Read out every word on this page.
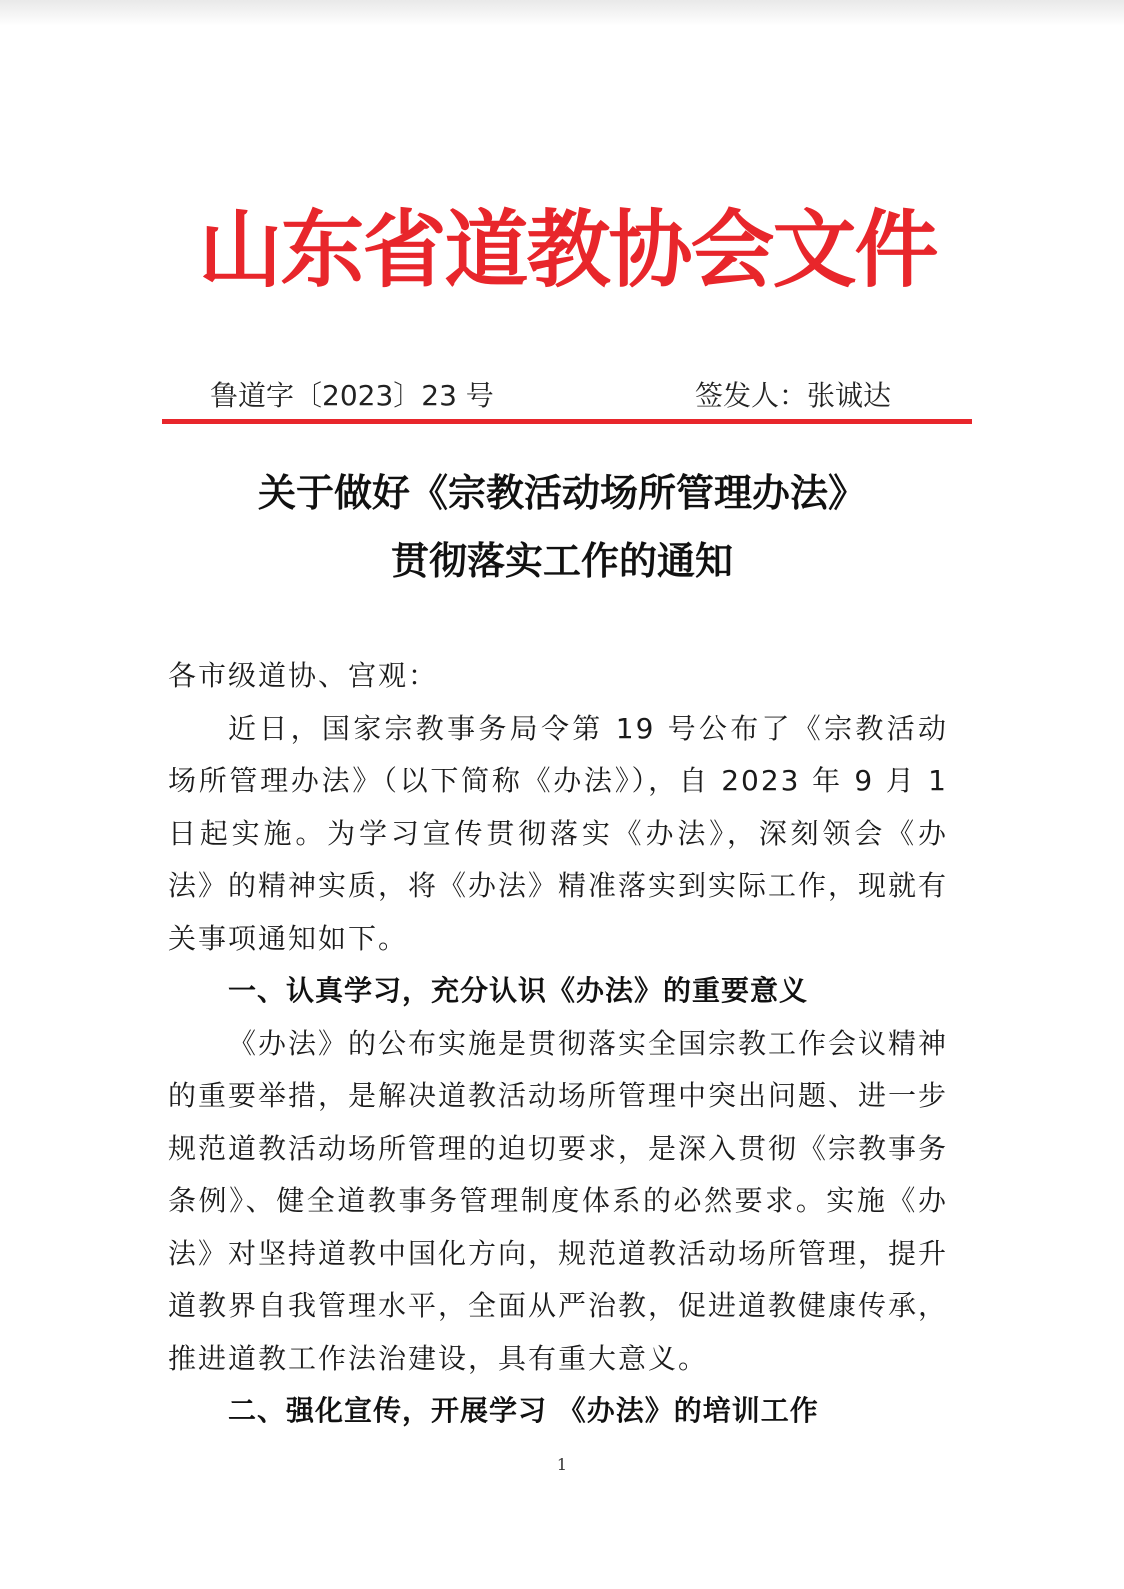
山东省道教协会文件
鲁道字〔2023〕23 号	签发人：张诚达
关于做好《宗教活动场所管理办法》
贯彻落实工作的通知

各市级道协、宫观：

近日，国家宗教事务局令第 19 号公布了《宗教活动场所管理办法》（以下简称《办法》），自 2023 年 9 月 1 日起实施。为学习宣传贯彻落实《办法》，深刻领会《办法》的精神实质，将《办法》精准落实到实际工作，现就有关事项通知如下。

一、认真学习，充分认识《办法》的重要意义

《办法》的公布实施是贯彻落实全国宗教工作会议精神的重要举措，是解决道教活动场所管理中突出问题、进一步规范道教活动场所管理的迫切要求，是深入贯彻《宗教事务条例》、健全道教事务管理制度体系的必然要求。实施《办法》对坚持道教中国化方向，规范道教活动场所管理，提升道教界自我管理水平，全面从严治教，促进道教健康传承，推进道教工作法治建设，具有重大意义。

二、强化宣传，开展学习 《办法》的培训工作
1
